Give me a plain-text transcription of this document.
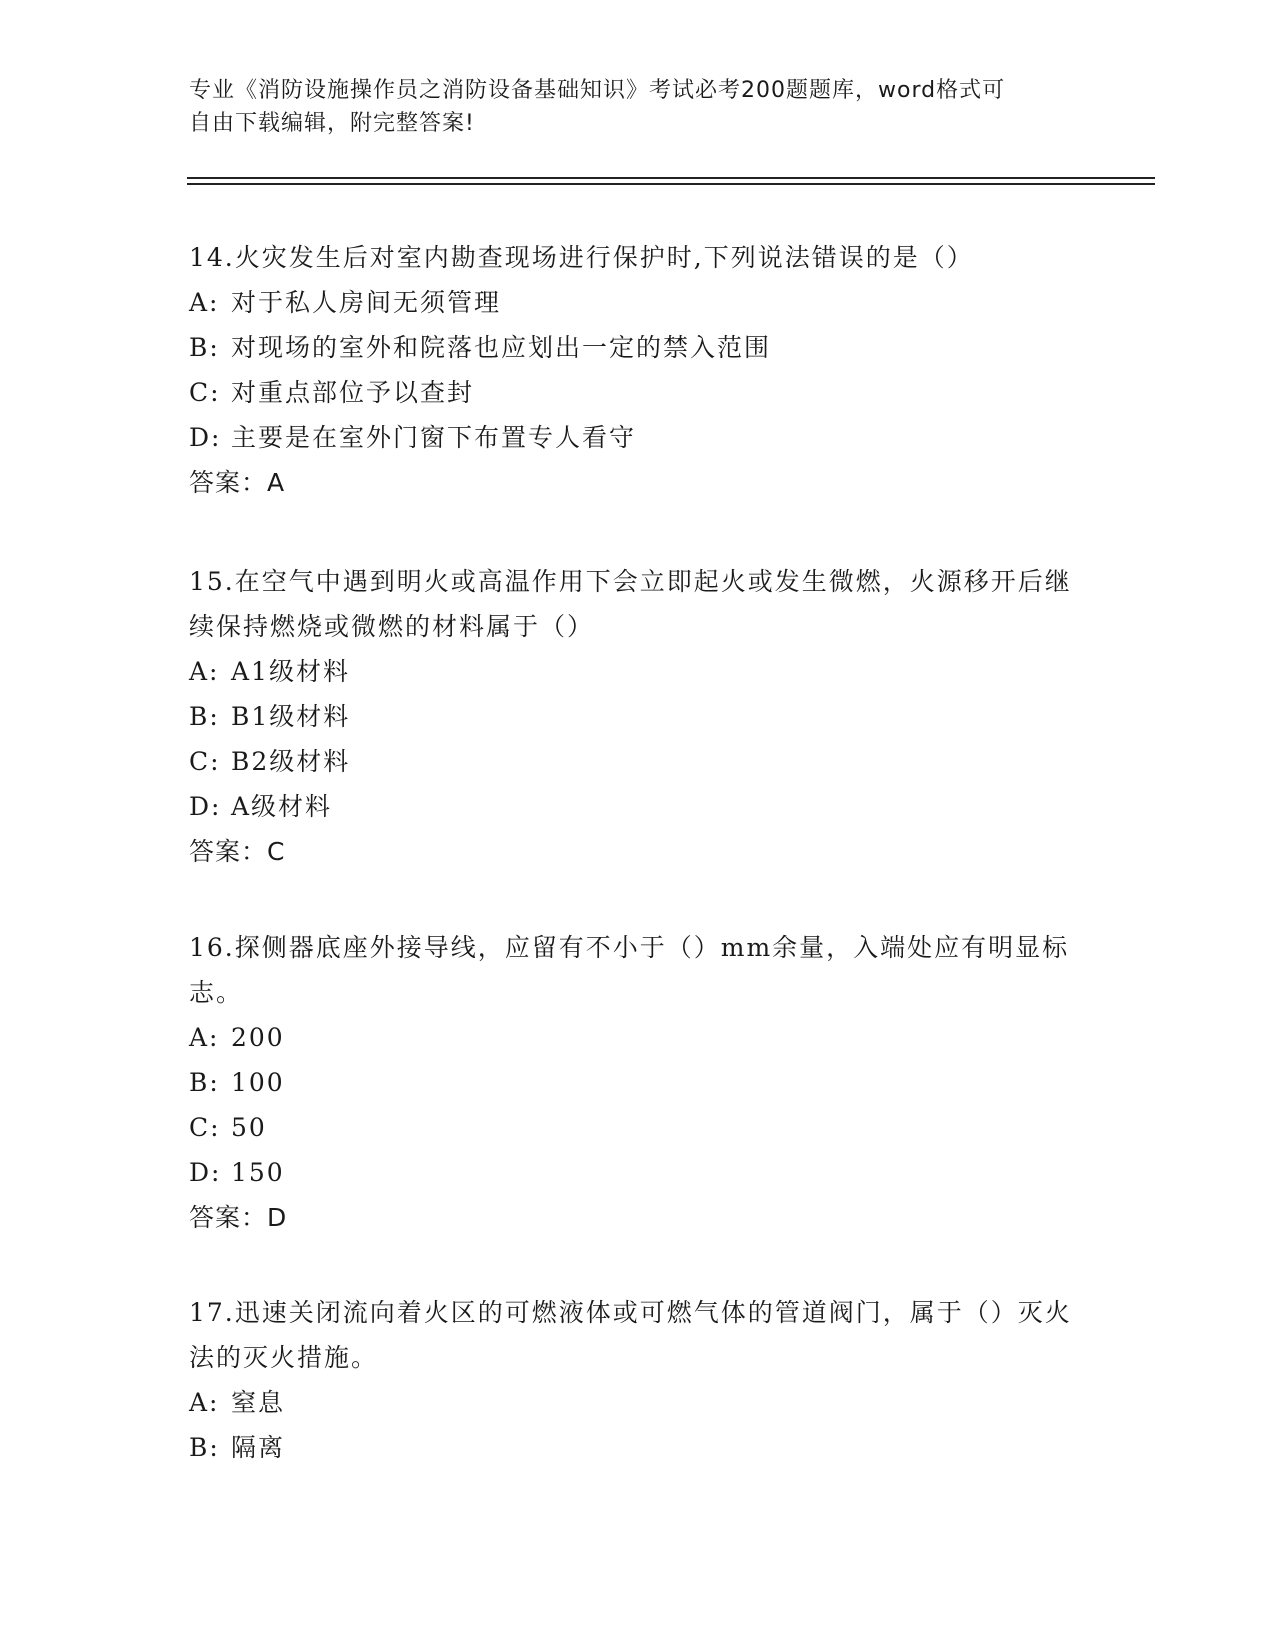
专业《消防设施操作员之消防设备基础知识》考试必考200题题库，word格式可
自由下载编辑，附完整答案!

14.火灾发生后对室内勘查现场进行保护时,下列说法错误的是（）

A: 对于私人房间无须管理

B: 对现场的室外和院落也应划出一定的禁入范围

C: 对重点部位予以查封

D: 主要是在室外门窗下布置专人看守

答案：A

15.在空气中遇到明火或高温作用下会立即起火或发生微燃，火源移开后继续保持燃烧或微燃的材料属于（）

A: A1级材料

B: B1级材料

C: B2级材料

D: A级材料

答案：C

16.探侧器底座外接导线，应留有不小于（）mm余量，入端处应有明显标志。

A: 200

B: 100

C: 50

D: 150

答案：D

17.迅速关闭流向着火区的可燃液体或可燃气体的管道阀门，属于（）灭火法的灭火措施。

A: 窒息

B: 隔离
